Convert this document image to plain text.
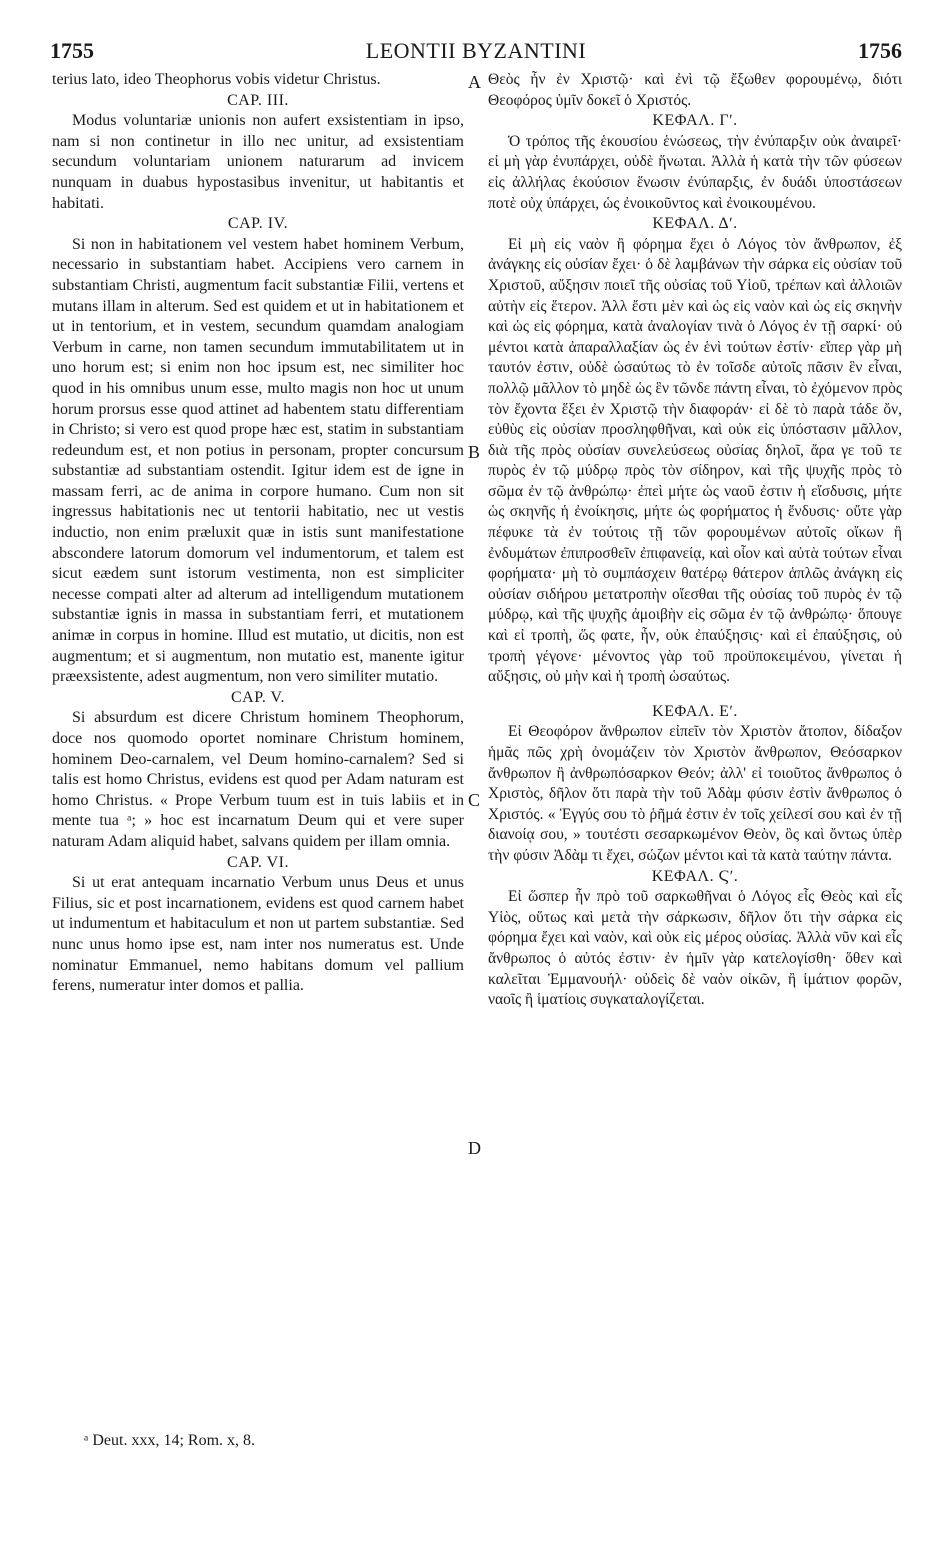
1755	LEONTII BYZANTINI	1756

terius lato, ideo Theophorus vobis videtur Christus.

CAP. III.

Modus voluntariæ unionis non aufert exsistentiam in ipso, nam si non continetur in illo nec unitur, ad exsistentiam secundum voluntariam unionem naturarum ad invicem nunquam in duabus hypostasibus invenitur, ut habitantis et habitati.

CAP. IV.

Si non in habitationem vel vestem habet hominem Verbum, necessario in substantiam habet. Accipiens vero carnem in substantiam Christi, augmentum facit substantiæ Filii, vertens et mutans illam in alterum. Sed est quidem et ut in habitationem et ut in tentorium, et in vestem, secundum quamdam analogiam Verbum in carne, non tamen secundum immutabilitatem ut in uno horum est; si enim non hoc ipsum est, nec similiter hoc quod in his omnibus unum esse, multo magis non hoc ut unum horum prorsus esse quod attinet ad habentem statu differentiam in Christo; si vero est quod prope hæc est, statim in substantiam redeundum est, et non potius in personam, propter concursum substantiæ ad substantiam ostendit. Igitur idem est de igne in massam ferri, ac de anima in corpore humano. Cum non sit ingressus habitationis nec ut tentorii habitatio, nec ut vestis inductio, non enim præluxit quæ in istis sunt manifestatione abscondere latorum domorum vel indumentorum, et talem est sicut eædem sunt istorum vestimenta, non est simpliciter necesse compati alter ad alterum ad intelligendum mutationem substantiæ ignis in massa in substantiam ferri, et mutationem animæ in corpus in homine. Illud est mutatio, ut dicitis, non est augmentum; et si augmentum, non mutatio est, manente igitur præexsistente, adest augmentum, non vero similiter mutatio.

CAP. V.

Si absurdum est dicere Christum hominem Theophorum, doce nos quomodo oportet nominare Christum hominem, hominem Deo-carnalem, vel Deum homino-carnalem? Sed si talis est homo Christus, evidens est quod per Adam naturam est homo Christus. « Prope Verbum tuum est in tuis labiis et in mente tua ᵃ; » hoc est incarnatum Deum qui et vere super naturam Adam aliquid habet, salvans quidem per illam omnia.

CAP. VI.

Si ut erat antequam incarnatio Verbum unus Deus et unus Filius, sic et post incarnationem, evidens est quod carnem habet ut indumentum et habitaculum et non ut partem substantiæ. Sed nunc unus homo ipse est, nam inter nos numeratus est. Unde nominatur Emmanuel, nemo habitans domum vel pallium ferens, numeratur inter domos et pallia.

Θεὸς ἦν ἐν Χριστῷ· καὶ ἐνὶ τῷ ἔξωθεν φορουμένῳ, διότι Θεοφόρος ὑμῖν δοκεῖ ὁ Χριστός.

ΚΕΦΑΛ. Γʹ.

Ὁ τρόπος τῆς ἑκουσίου ἑνώσεως, τὴν ἐνύπαρξιν οὐκ ἀναιρεῖ· εἰ μὴ γὰρ ἐνυπάρχει, οὐδὲ ἥνωται. Ἀλλὰ ἡ κατὰ τὴν τῶν φύσεων εἰς ἀλλήλας ἑκούσιον ἕνωσιν ἐνύπαρξις, ἐν δυάδι ὑποστάσεων ποτὲ οὐχ ὑπάρχει, ὡς ἐνοικοῦντος καὶ ἐνοικουμένου.

ΚΕΦΑΛ. Δʹ.

Εἰ μὴ εἰς ναὸν ἢ φόρημα ἔχει ὁ Λόγος τὸν ἄνθρωπον, ἐξ ἀνάγκης εἰς οὐσίαν ἔχει· ὁ δὲ λαμβάνων τὴν σάρκα εἰς οὐσίαν τοῦ Χριστοῦ, αὔξησιν ποιεῖ τῆς οὐσίας τοῦ Υἱοῦ, τρέπων καὶ ἀλλοιῶν αὐτὴν εἰς ἕτερον. Ἀλλ ἔστι μὲν καὶ ὡς εἰς ναὸν καὶ ὡς εἰς σκηνὴν καὶ ὡς εἰς φόρημα, κατὰ ἀναλογίαν τινὰ ὁ Λόγος ἐν τῇ σαρκί· οὐ μέντοι κατὰ ἀπαραλλαξίαν ὡς ἐν ἑνὶ τούτων ἐστίν· εἴπερ γὰρ μὴ ταυτόν ἐστιν, οὐδὲ ὡσαύτως τὸ ἐν τοῖσδε αὐτοῖς πᾶσιν ἓν εἶναι, πολλῷ μᾶλλον τὸ μηδὲ ὡς ἓν τῶνδε πάντη εἶναι, τὸ ἐχόμενον πρὸς τὸν ἔχοντα ἕξει ἐν Χριστῷ τὴν διαφοράν· εἰ δὲ τὸ παρὰ τάδε ὄν, εὐθὺς εἰς οὐσίαν προσληφθῆναι, καὶ οὐκ εἰς ὑπόστασιν μᾶλλον, διὰ τῆς πρὸς οὐσίαν συνελεύσεως οὐσίας δηλοῖ, ἄρα γε τοῦ τε πυρὸς ἐν τῷ μύδρῳ πρὸς τὸν σίδηρον, καὶ τῆς ψυχῆς πρὸς τὸ σῶμα ἐν τῷ ἀνθρώπῳ· ἐπεὶ μήτε ὡς ναοῦ ἐστιν ἡ εἴσδυσις, μήτε ὡς σκηνῆς ἡ ἐνοίκησις, μήτε ὡς φορήματος ἡ ἔνδυσις· οὔτε γὰρ πέφυκε τὰ ἐν τούτοις τῇ τῶν φορουμένων αὐτοῖς οἴκων ἢ ἐνδυμάτων ἐπιπροσθεῖν ἐπιφανείᾳ, καὶ οἷον καὶ αὐτὰ τούτων εἶναι φορήματα· μὴ τὸ συμπάσχειν θατέρῳ θάτερον ἁπλῶς ἀνάγκη εἰς οὐσίαν σιδήρου μετατροπὴν οἴεσθαι τῆς οὐσίας τοῦ πυρὸς ἐν τῷ μύδρῳ, καὶ τῆς ψυχῆς ἀμοιβὴν εἰς σῶμα ἐν τῷ ἀνθρώπῳ· ὅπουγε καὶ εἰ τροπὴ, ὥς φατε, ἦν, οὐκ ἐπαύξησις· καὶ εἰ ἐπαύξησις, οὐ τροπὴ γέγονε· μένοντος γὰρ τοῦ προϋποκειμένου, γίνεται ἡ αὔξησις, οὐ μὴν καὶ ἡ τροπὴ ὡσαύτως.

ΚΕΦΑΛ. Εʹ.

Εἰ Θεοφόρον ἄνθρωπον εἰπεῖν τὸν Χριστὸν ἄτοπον, δίδαξον ἡμᾶς πῶς χρὴ ὀνομάζειν τὸν Χριστὸν ἄνθρωπον, Θεόσαρκον ἄνθρωπον ἢ ἀνθρωπόσαρκον Θεόν; ἀλλ' εἰ τοιοῦτος ἄνθρωπος ὁ Χριστὸς, δῆλον ὅτι παρὰ τὴν τοῦ Ἀδὰμ φύσιν ἐστὶν ἄνθρωπος ὁ Χριστός. « Ἐγγύς σου τὸ ῥῆμά ἐστιν ἐν τοῖς χείλεσί σου καὶ ἐν τῇ διανοίᾳ σου, » τουτέστι σεσαρκωμένον Θεὸν, ὃς καὶ ὄντως ὑπὲρ τὴν φύσιν Ἀδὰμ τι ἔχει, σώζων μέντοι καὶ τὰ κατὰ ταύτην πάντα.

ΚΕΦΑΛ. Ϛʹ.

Εἰ ὥσπερ ἦν πρὸ τοῦ σαρκωθῆναι ὁ Λόγος εἷς Θεὸς καὶ εἷς Υἱὸς, οὕτως καὶ μετὰ τὴν σάρκωσιν, δῆλον ὅτι τὴν σάρκα εἰς φόρημα ἔχει καὶ ναὸν, καὶ οὐκ εἰς μέρος οὐσίας. Ἀλλὰ νῦν καὶ εἷς ἄνθρωπος ὁ αὐτός ἐστιν· ἐν ἡμῖν γὰρ κατελογίσθη· ὅθεν καὶ καλεῖται Ἐμμανουήλ· οὐδεὶς δὲ ναὸν οἰκῶν, ἢ ἱμάτιον φορῶν, ναοῖς ἢ ἱματίοις συγκαταλογίζεται.

A
B
C
D
ᵃ Deut. xxx, 14; Rom. x, 8.
